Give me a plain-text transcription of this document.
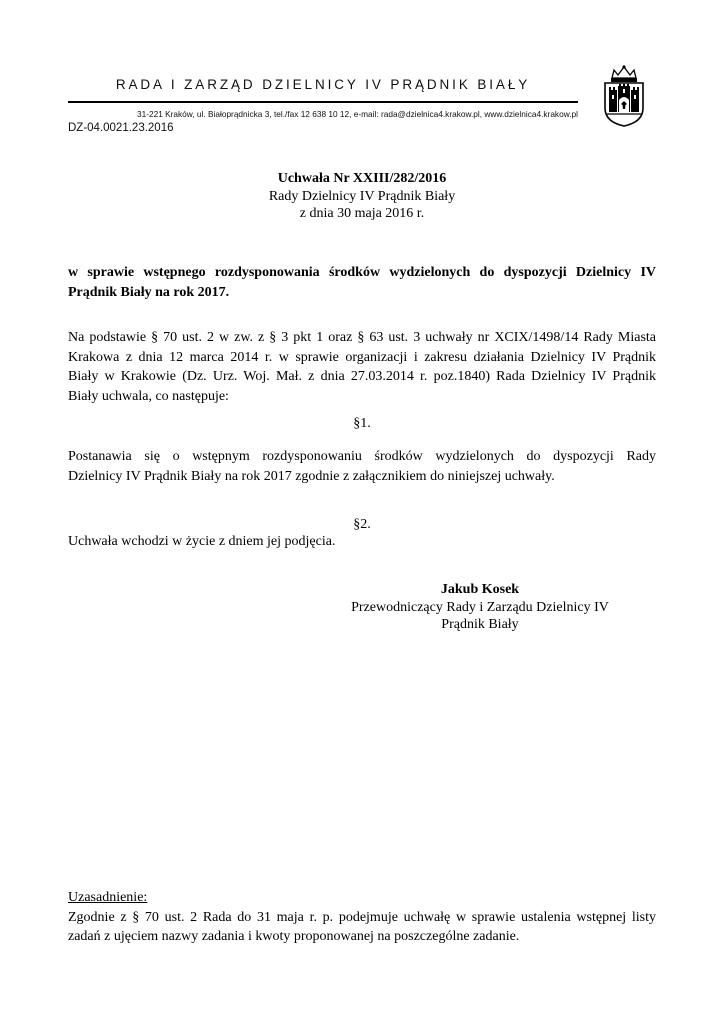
RADA I ZARZĄD DZIELNICY IV PRĄDNIK BIAŁY
31-221 Kraków, ul. Białoprądnicka 3, tel./fax 12 638 10 12, e-mail: rada@dzielnica4.krakow.pl, www.dzielnica4.krakow.pl
DZ-04.0021.23.2016
Uchwała Nr XXIII/282/2016
Rady Dzielnicy IV Prądnik Biały
z dnia 30 maja 2016 r.
w sprawie wstępnego rozdysponowania środków wydzielonych do dyspozycji Dzielnicy IV
Prądnik Biały na rok 2017.
Na podstawie § 70 ust. 2 w zw. z § 3 pkt 1 oraz § 63 ust. 3 uchwały nr XCIX/1498/14 Rady Miasta
Krakowa z dnia 12 marca 2014 r. w sprawie organizacji i zakresu działania Dzielnicy IV Prądnik
Biały w Krakowie (Dz. Urz. Woj. Mał. z dnia 27.03.2014 r. poz.1840) Rada Dzielnicy IV Prądnik
Biały uchwala, co następuje:
§1.
Postanawia się o wstępnym rozdysponowaniu środków wydzielonych do dyspozycji Rady
Dzielnicy IV Prądnik Biały na rok 2017 zgodnie z załącznikiem do niniejszej uchwały.
§2.
Uchwała wchodzi w życie z dniem jej podjęcia.
Jakub Kosek
Przewodniczący Rady i Zarządu Dzielnicy IV
Prądnik Biały
Uzasadnienie:
Zgodnie z § 70 ust. 2 Rada do 31 maja r. p. podejmuje uchwałę w sprawie ustalenia wstępnej listy
zadań z ujęciem nazwy zadania i kwoty proponowanej na poszczególne zadanie.
